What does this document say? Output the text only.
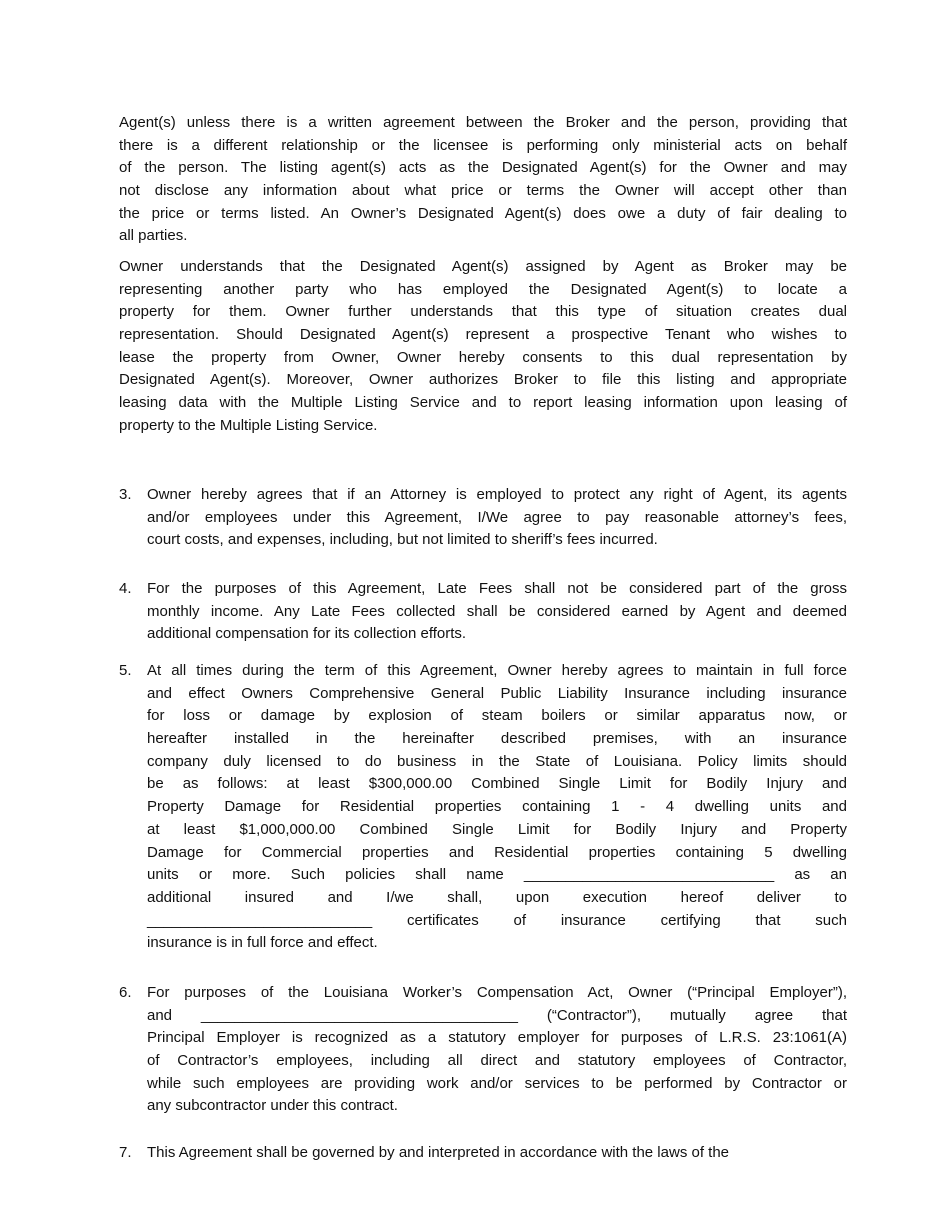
Agent(s) unless there is a written agreement between the Broker and the person, providing that
there is a different relationship or the licensee is performing only ministerial acts on behalf
of the person. The listing agent(s) acts as the Designated Agent(s) for the Owner and may
not disclose any information about what price or terms the Owner will accept other than
the price or terms listed. An Owner’s Designated Agent(s) does owe a duty of fair dealing to
all parties.
Owner understands that the Designated Agent(s) assigned by Agent as Broker may be
representing another party who has employed the Designated Agent(s) to locate a
property for them. Owner further understands that this type of situation creates dual
representation. Should Designated Agent(s) represent a prospective Tenant who wishes to
lease the property from Owner, Owner hereby consents to this dual representation by
Designated Agent(s). Moreover, Owner authorizes Broker to file this listing and appropriate
leasing data with the Multiple Listing Service and to report leasing information upon leasing of
property to the Multiple Listing Service.
3. Owner hereby agrees that if an Attorney is employed to protect any right of Agent, its agents
and/or employees under this Agreement, I/We agree to pay reasonable attorney’s fees,
court costs, and expenses, including, but not limited to sheriff’s fees incurred.
4. For the purposes of this Agreement, Late Fees shall not be considered part of the gross
monthly income. Any Late Fees collected shall be considered earned by Agent and deemed
additional compensation for its collection efforts.
5. At all times during the term of this Agreement, Owner hereby agrees to maintain in full force
and effect Owners Comprehensive General Public Liability Insurance including insurance
for loss or damage by explosion of steam boilers or similar apparatus now, or
hereafter installed in the hereinafter described premises, with an insurance
company duly licensed to do business in the State of Louisiana. Policy limits should
be as follows: at least $300,000.00 Combined Single Limit for Bodily Injury and
Property Damage for Residential properties containing 1 - 4 dwelling units and
at least $1,000,000.00 Combined Single Limit for Bodily Injury and Property
Damage for Commercial properties and Residential properties containing 5 dwelling
units or more. Such policies shall name ______________________________ as an
additional insured and I/we shall, upon execution hereof deliver to
___________________________ certificates of insurance certifying that such
insurance is in full force and effect.
6. For purposes of the Louisiana Worker’s Compensation Act, Owner (“Principal Employer”),
and ______________________________________ (“Contractor”), mutually agree that
Principal Employer is recognized as a statutory employer for purposes of L.R.S. 23:1061(A)
of Contractor’s employees, including all direct and statutory employees of Contractor,
while such employees are providing work and/or services to be performed by Contractor or
any subcontractor under this contract.
7. This Agreement shall be governed by and interpreted in accordance with the laws of the
